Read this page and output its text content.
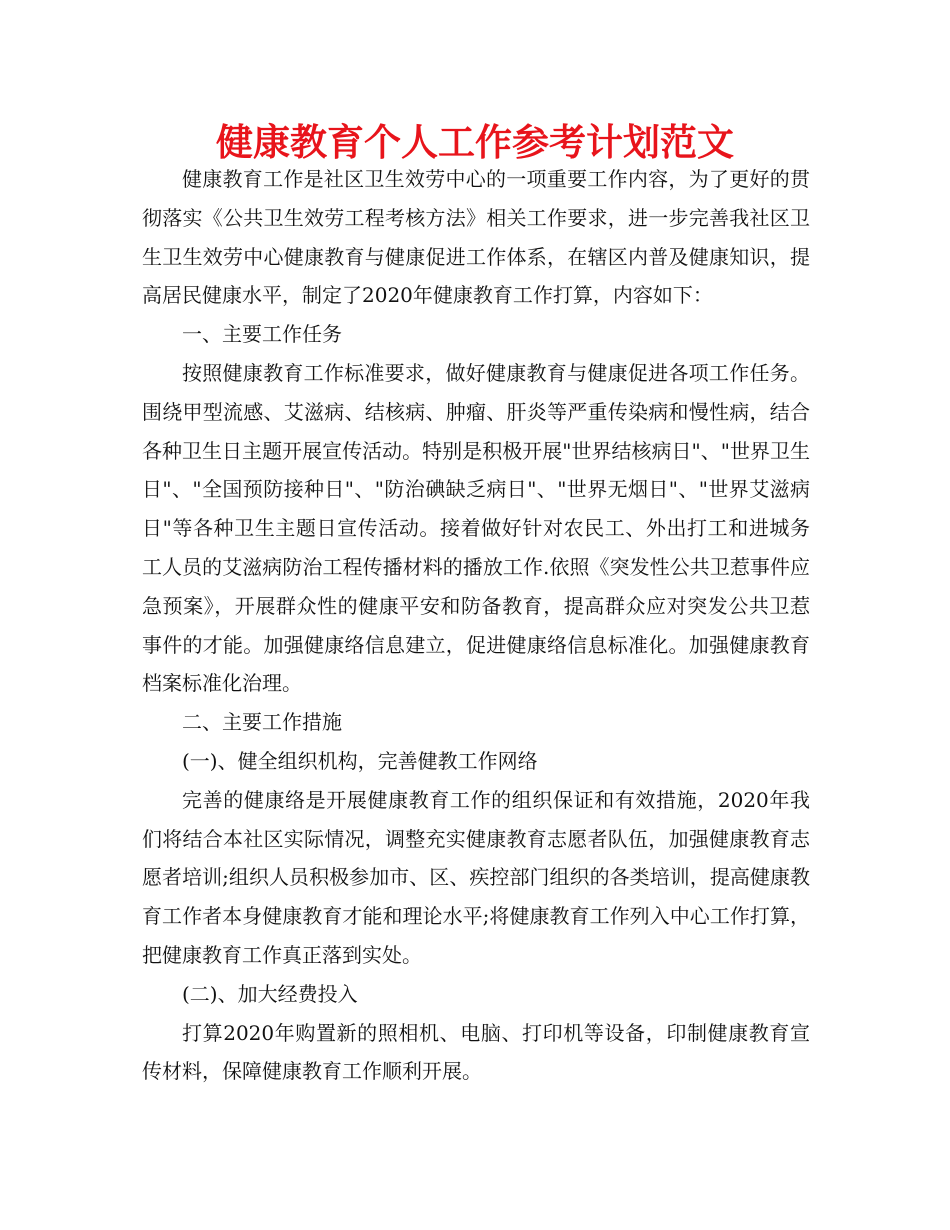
健康教育个人工作参考计划范文

健康教育工作是社区卫生效劳中心的一项重要工作内容，为了更好的贯彻落实《公共卫生效劳工程考核方法》相关工作要求，进一步完善我社区卫生卫生效劳中心健康教育与健康促进工作体系，在辖区内普及健康知识，提高居民健康水平，制定了2020年健康教育工作打算，内容如下：

一、主要工作任务

按照健康教育工作标准要求，做好健康教育与健康促进各项工作任务。围绕甲型流感、艾滋病、结核病、肿瘤、肝炎等严重传染病和慢性病，结合各种卫生日主题开展宣传活动。特别是积极开展"世界结核病日"、"世界卫生日"、"全国预防接种日"、"防治碘缺乏病日"、"世界无烟日"、"世界艾滋病日"等各种卫生主题日宣传活动。接着做好针对农民工、外出打工和进城务工人员的艾滋病防治工程传播材料的播放工作.依照《突发性公共卫惹事件应急预案》，开展群众性的健康平安和防备教育，提高群众应对突发公共卫惹事件的才能。加强健康络信息建立，促进健康络信息标准化。加强健康教育档案标准化治理。

二、主要工作措施

(一)、健全组织机构，完善健教工作网络

完善的健康络是开展健康教育工作的组织保证和有效措施，2020年我们将结合本社区实际情况，调整充实健康教育志愿者队伍，加强健康教育志愿者培训;组织人员积极参加市、区、疾控部门组织的各类培训，提高健康教育工作者本身健康教育才能和理论水平;将健康教育工作列入中心工作打算，把健康教育工作真正落到实处。

(二)、加大经费投入

打算2020年购置新的照相机、电脑、打印机等设备，印制健康教育宣传材料，保障健康教育工作顺利开展。
